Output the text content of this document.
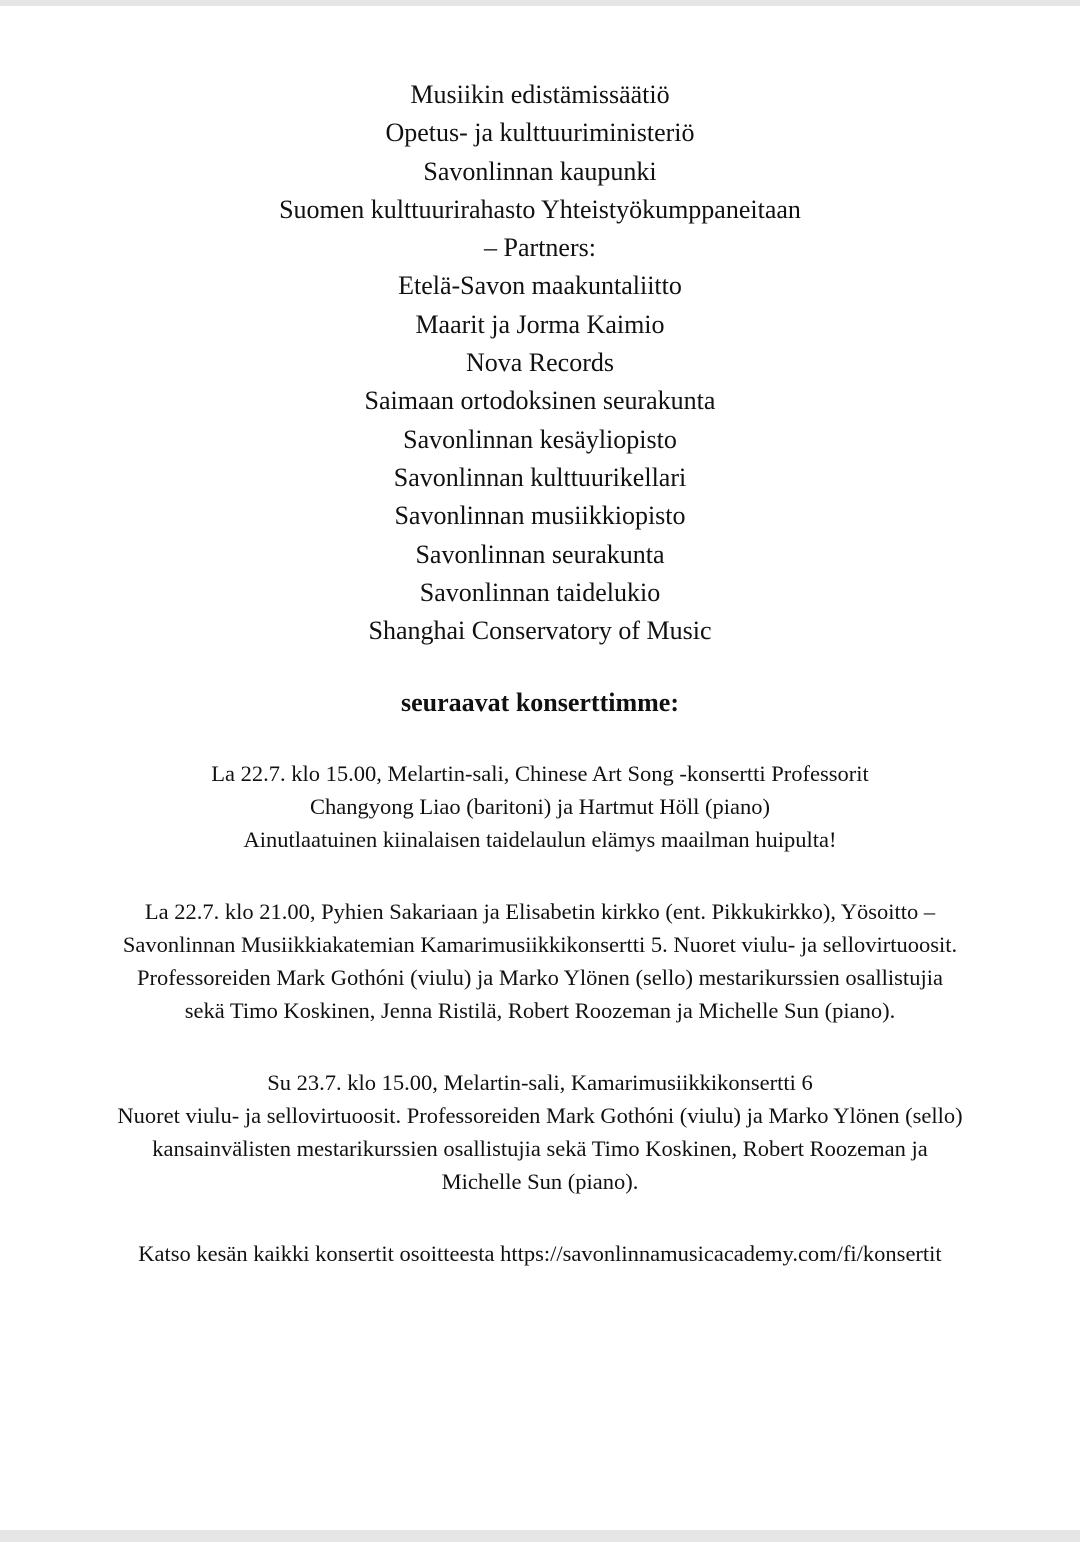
Musiikin edistämissäätiö
Opetus- ja kulttuuriministeriö
Savonlinnan kaupunki
Suomen kulttuurirahasto Yhteistyökumppaneitaan
– Partners:
Etelä-Savon maakuntaliitto
Maarit ja Jorma Kaimio
Nova Records
Saimaan ortodoksinen seurakunta
Savonlinnan kesäyliopisto
Savonlinnan kulttuurikellari
Savonlinnan musiikkiopisto
Savonlinnan seurakunta
Savonlinnan taidelukio
Shanghai Conservatory of Music
seuraavat konserttimme:
La 22.7. klo 15.00, Melartin-sali, Chinese Art Song -konsertti Professorit
Changyong Liao (baritoni) ja Hartmut Höll (piano)
Ainutlaatuinen kiinalaisen taidelaulun elämys maailman huipulta!
La 22.7. klo 21.00, Pyhien Sakariaan ja Elisabetin kirkko (ent. Pikkukirkko), Yösoitto –
Savonlinnan Musiikkiakatemian Kamarimusiikkikonsertti 5. Nuoret viulu- ja sellovirtuoosit.
Professoreiden Mark Gothóni (viulu) ja Marko Ylönen (sello) mestarikurssien osallistujia
sekä Timo Koskinen, Jenna Ristilä, Robert Roozeman ja Michelle Sun (piano).
Su 23.7. klo 15.00, Melartin-sali, Kamarimusiikkikonsertti 6
Nuoret viulu- ja sellovirtuoosit. Professoreiden Mark Gothóni (viulu) ja Marko Ylönen (sello)
kansainvälisten mestarikurssien osallistujia sekä Timo Koskinen, Robert Roozeman ja
Michelle Sun (piano).
Katso kesän kaikki konsertit osoitteesta https://savonlinnamusicacademy.com/fi/konsertit
